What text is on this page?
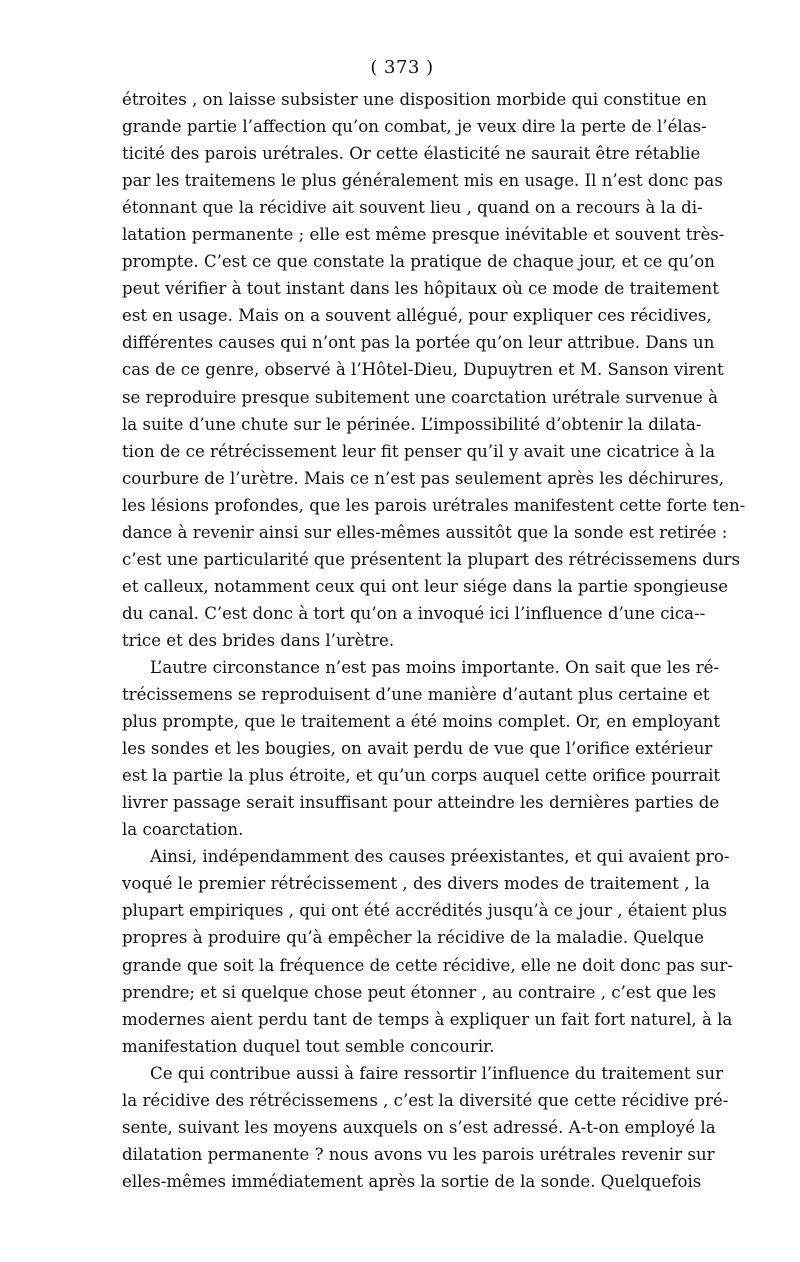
( 373 )
étroites , on laisse subsister une disposition morbide qui constitue en
grande partie l’affection qu’on combat, je veux dire la perte de l’élas-
ticité des parois urétrales. Or cette élasticité ne saurait être rétablie
par les traitemens le plus généralement mis en usage. Il n’est donc pas
étonnant que la récidive ait souvent lieu , quand on a recours à la di-
latation permanente ; elle est même presque inévitable et souvent très-
prompte. C’est ce que constate la pratique de chaque jour, et ce qu’on
peut vérifier à tout instant dans les hôpitaux où ce mode de traitement
est en usage. Mais on a souvent allégué, pour expliquer ces récidives,
différentes causes qui n’ont pas la portée qu’on leur attribue. Dans un
cas de ce genre, observé à l’Hôtel-Dieu, Dupuytren et M. Sanson virent
se reproduire presque subitement une coarctation urétrale survenue à
la suite d’une chute sur le périnée. L’impossibilité d’obtenir la dilata-
tion de ce rétrécissement leur fit penser qu’il y avait une cicatrice à la
courbure de l’urètre. Mais ce n’est pas seulement après les déchirures,
les lésions profondes, que les parois urétrales manifestent cette forte ten-
dance à revenir ainsi sur elles-mêmes aussitôt que la sonde est retirée :
c’est une particularité que présentent la plupart des rétrécissemens durs
et calleux, notamment ceux qui ont leur siége dans la partie spongieuse
du canal. C’est donc à tort qu’on a invoqué ici l’influence d’une cica--
trice et des brides dans l’urètre.
L’autre circonstance n’est pas moins importante. On sait que les ré-
trécissemens se reproduisent d’une manière d’autant plus certaine et
plus prompte, que le traitement a été moins complet. Or, en employant
les sondes et les bougies, on avait perdu de vue que l’orifice extérieur
est la partie la plus étroite, et qu’un corps auquel cette orifice pourrait
livrer passage serait insuffisant pour atteindre les dernières parties de
la coarctation.
Ainsi, indépendamment des causes préexistantes, et qui avaient pro-
voqué le premier rétrécissement , des divers modes de traitement , la
plupart empiriques , qui ont été accrédités jusqu’à ce jour , étaient plus
propres à produire qu’à empêcher la récidive de la maladie. Quelque
grande que soit la fréquence de cette récidive, elle ne doit donc pas sur-
prendre; et si quelque chose peut étonner , au contraire , c’est que les
modernes aient perdu tant de temps à expliquer un fait fort naturel, à la
manifestation duquel tout semble concourir.
Ce qui contribue aussi à faire ressortir l’influence du traitement sur
la récidive des rétrécissemens , c’est la diversité que cette récidive pré-
sente, suivant les moyens auxquels on s’est adressé. A-t-on employé la
dilatation permanente ? nous avons vu les parois urétrales revenir sur
elles-mêmes immédiatement après la sortie de la sonde. Quelquefois
